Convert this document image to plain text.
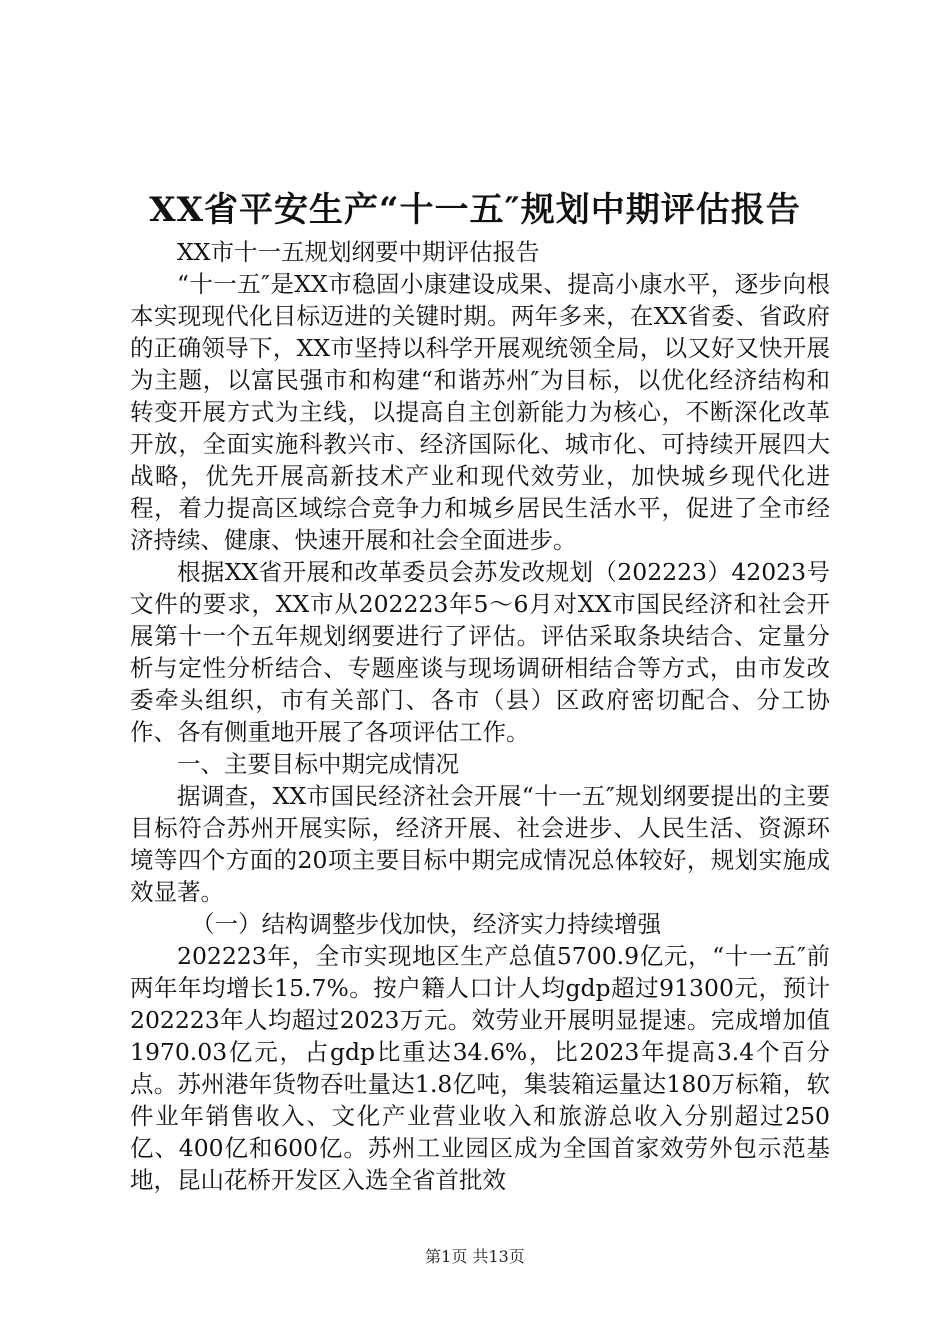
XX省平安生产“十一五″规划中期评估报告

XX市十一五规划纲要中期评估报告

“十一五″是XX市稳固小康建设成果、提高小康水平，逐步向根本实现现代化目标迈进的关键时期。两年多来，在XX省委、省政府的正确领导下，XX市坚持以科学开展观统领全局，以又好又快开展为主题，以富民强市和构建“和谐苏州″为目标，以优化经济结构和转变开展方式为主线，以提高自主创新能力为核心，不断深化改革开放，全面实施科教兴市、经济国际化、城市化、可持续开展四大战略，优先开展高新技术产业和现代效劳业，加快城乡现代化进程，着力提高区域综合竞争力和城乡居民生活水平，促进了全市经济持续、健康、快速开展和社会全面进步。

根据XX省开展和改革委员会苏发改规划（202223）42023号文件的要求，XX市从202223年5～6月对XX市国民经济和社会开展第十一个五年规划纲要进行了评估。评估采取条块结合、定量分析与定性分析结合、专题座谈与现场调研相结合等方式，由市发改委牵头组织，市有关部门、各市（县）区政府密切配合、分工协作、各有侧重地开展了各项评估工作。

一、主要目标中期完成情况

据调查，XX市国民经济社会开展“十一五″规划纲要提出的主要目标符合苏州开展实际，经济开展、社会进步、人民生活、资源环境等四个方面的20项主要目标中期完成情况总体较好，规划实施成效显著。

（一）结构调整步伐加快，经济实力持续增强

202223年，全市实现地区生产总值5700.9亿元，“十一五″前两年年均增长15.7%。按户籍人口计人均gdp超过91300元，预计202223年人均超过2023万元。效劳业开展明显提速。完成增加值1970.03亿元，占gdp比重达34.6%，比2023年提高3.4个百分点。苏州港年货物吞吐量达1.8亿吨，集装箱运量达180万标箱，软件业年销售收入、文化产业营业收入和旅游总收入分别超过250亿、400亿和600亿。苏州工业园区成为全国首家效劳外包示范基地，昆山花桥开发区入选全省首批效

第1页 共13页
